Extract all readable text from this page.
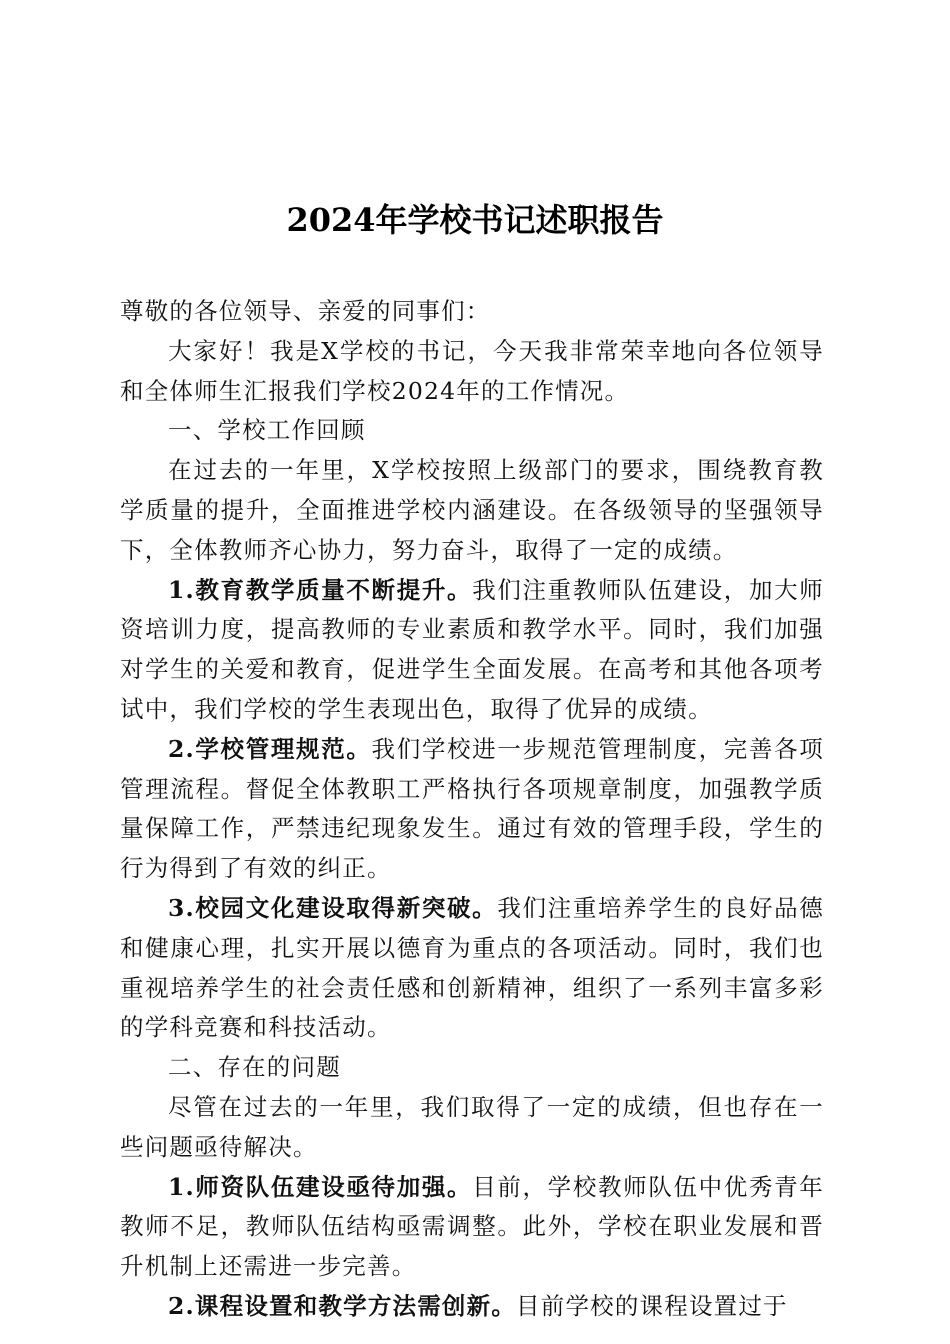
2024年学校书记述职报告

尊敬的各位领导、亲爱的同事们：

大家好！我是X学校的书记，今天我非常荣幸地向各位领导和全体师生汇报我们学校2024年的工作情况。

一、学校工作回顾

在过去的一年里，X学校按照上级部门的要求，围绕教育教学质量的提升，全面推进学校内涵建设。在各级领导的坚强领导下，全体教师齐心协力，努力奋斗，取得了一定的成绩。

1.教育教学质量不断提升。我们注重教师队伍建设，加大师资培训力度，提高教师的专业素质和教学水平。同时，我们加强对学生的关爱和教育，促进学生全面发展。在高考和其他各项考试中，我们学校的学生表现出色，取得了优异的成绩。

2.学校管理规范。我们学校进一步规范管理制度，完善各项管理流程。督促全体教职工严格执行各项规章制度，加强教学质量保障工作，严禁违纪现象发生。通过有效的管理手段，学生的行为得到了有效的纠正。

3.校园文化建设取得新突破。我们注重培养学生的良好品德和健康心理，扎实开展以德育为重点的各项活动。同时，我们也重视培养学生的社会责任感和创新精神，组织了一系列丰富多彩的学科竞赛和科技活动。

二、存在的问题

尽管在过去的一年里，我们取得了一定的成绩，但也存在一些问题亟待解决。

1.师资队伍建设亟待加强。目前，学校教师队伍中优秀青年教师不足，教师队伍结构亟需调整。此外，学校在职业发展和晋升机制上还需进一步完善。

2.课程设置和教学方法需创新。目前学校的课程设置过于
